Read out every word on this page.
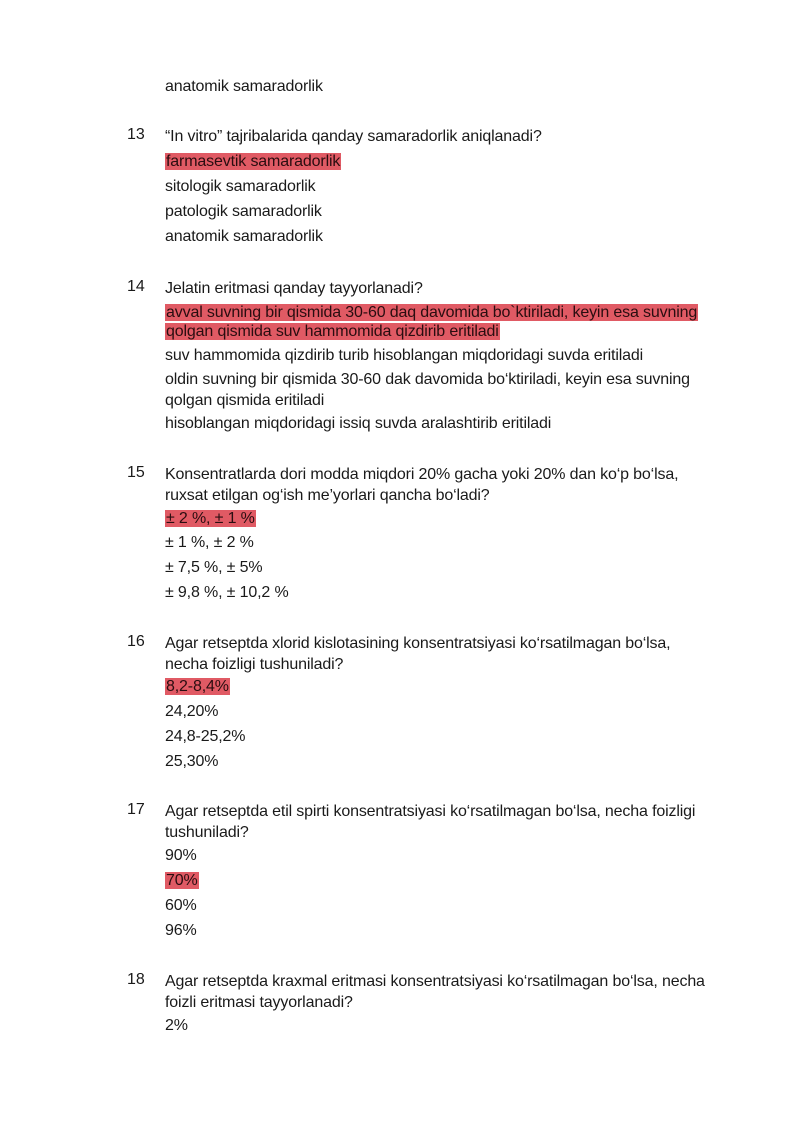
anatomik samaradorlik
13 “In vitro” tajribalarida qanday samaradorlik aniqlanadi?
farmasevtik samaradorlik
sitologik samaradorlik
patologik samaradorlik
anatomik samaradorlik
14 Jelatin eritmasi qanday tayyorlanadi?
avval suvning bir qismida 30-60 daq davomida bo`ktiriladi, keyin esa suvning
qolgan qismida suv hammomida qizdirib eritiladi
suv hammomida qizdirib turib hisoblangan miqdoridagi suvda eritiladi
oldin suvning bir qismida 30-60 dak davomida bo‘ktiriladi, keyin esa suvning
qolgan qismida eritiladi
hisoblangan miqdoridagi issiq suvda aralashtirib eritiladi
15 Konsentratlarda dori modda miqdori 20% gacha yoki 20% dan ko‘p bo‘lsa,
ruxsat etilgan og‘ish me’yorlari qancha bo‘ladi?
± 2 %, ± 1 %
± 1 %, ± 2 %
± 7,5 %, ± 5%
± 9,8 %, ± 10,2 %
16 Agar retseptda xlorid kislotasining konsentratsiyasi ko‘rsatilmagan bo‘lsa,
necha foizligi tushuniladi?
8,2-8,4%
24,20%
24,8-25,2%
25,30%
17 Agar retseptda etil spirti konsentratsiyasi ko‘rsatilmagan bo‘lsa, necha foizligi
tushuniladi?
90%
70%
60%
96%
18 Agar retseptda kraxmal eritmasi konsentratsiyasi ko‘rsatilmagan bo‘lsa, necha
foizli eritmasi tayyorlanadi?
2%
